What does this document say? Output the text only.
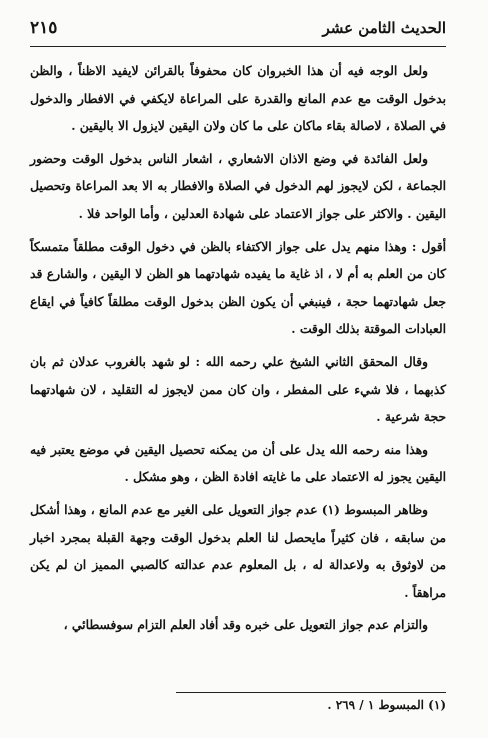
الحديث الثامن عشر
٢١٥

ولعل الوجه فيه أن هذا الخبروان كان محفوفاً بالقرائن لايفيد الاظناً ، والظن بدخول الوقت مع عدم المانع والقدرة على المراعاة لايكفي في الافطار والدخول في الصلاة ، لاصالة بقاء ماكان على ما كان ولان اليقين لايزول الا باليقين .

ولعل الفائدة في وضع الاذان الاشعاري ، اشعار الناس بدخول الوقت وحضور الجماعة ، لكن لايجوز لهم الدخول في الصلاة والافطار به الا بعد المراعاة وتحصيل اليقين . والاكثر على جواز الاعتماد على شهادة العدلين ، وأما الواحد فلا .

أقول : وهذا منهم يدل على جواز الاكتفاء بالظن في دخول الوقت مطلقاً متمسكاً كان من العلم به أم لا ، اذ غاية ما يفيده شهادتهما هو الظن لا اليقين ، والشارع قد جعل شهادتهما حجة ، فينبغي أن يكون الظن بدخول الوقت مطلقاً كافياً في ايقاع العبادات الموقتة بذلك الوقت .

وقال المحقق الثاني الشيخ علي رحمه الله : لو شهد بالغروب عدلان ثم بان كذبهما ، فلا شيء على المفطر ، وان كان ممن لايجوز له التقليد ، لان شهادتهما حجة شرعية .

وهذا منه رحمه الله يدل على أن من يمكنه تحصيل اليقين في موضع يعتبر فيه اليقين يجوز له الاعتماد على ما غايته افادة الظن ، وهو مشكل .

وظاهر المبسوط (١) عدم جواز التعويل على الغير مع عدم المانع ، وهذا أشكل من سابقه ، فان كثيراً مايحصل لنا العلم بدخول الوقت وجهة القبلة بمجرد اخبار من لاوثوق به ولاعدالة له ، بل المعلوم عدم عدالته كالصبي المميز ان لم يكن مراهقاً .

والتزام عدم جواز التعويل على خبره وقد أفاد العلم التزام سوفسطائي ،

(١) المبسوط ١ / ٢٦٩ .
